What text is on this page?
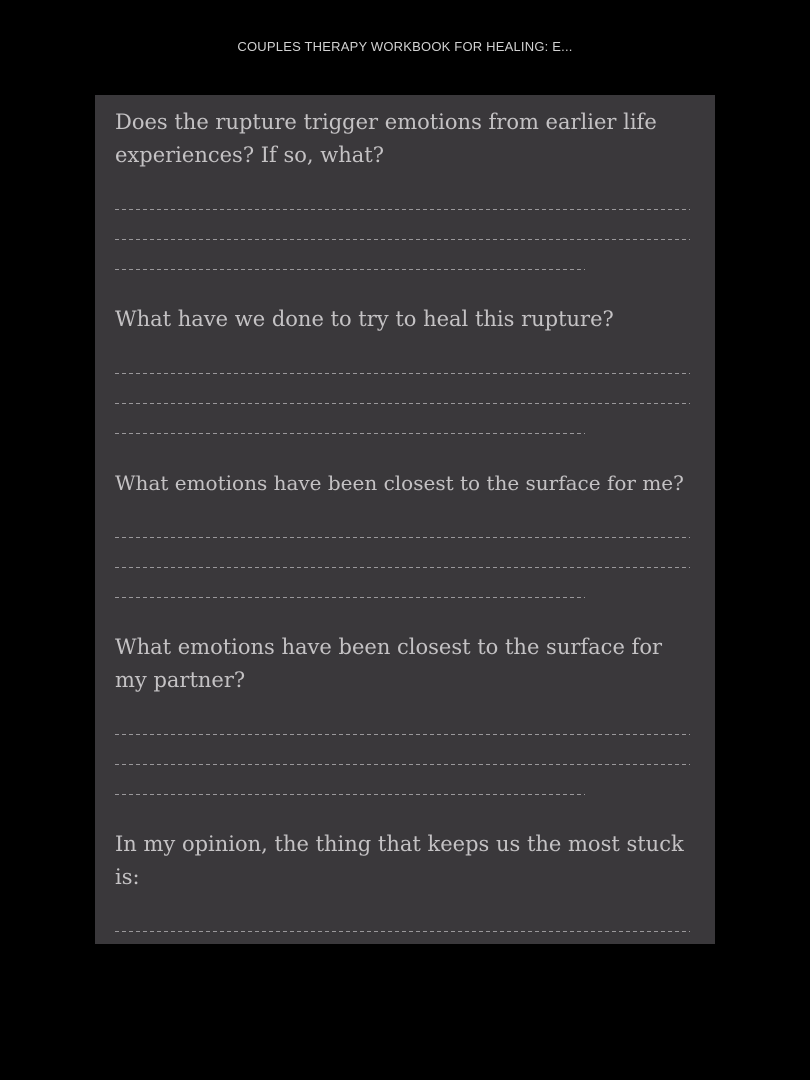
COUPLES THERAPY WORKBOOK FOR HEALING: E...

Does the rupture trigger emotions from earlier life experiences? If so, what?

What have we done to try to heal this rupture?

What emotions have been closest to the surface for me?

What emotions have been closest to the surface for my partner?

In my opinion, the thing that keeps us the most stuck is:
